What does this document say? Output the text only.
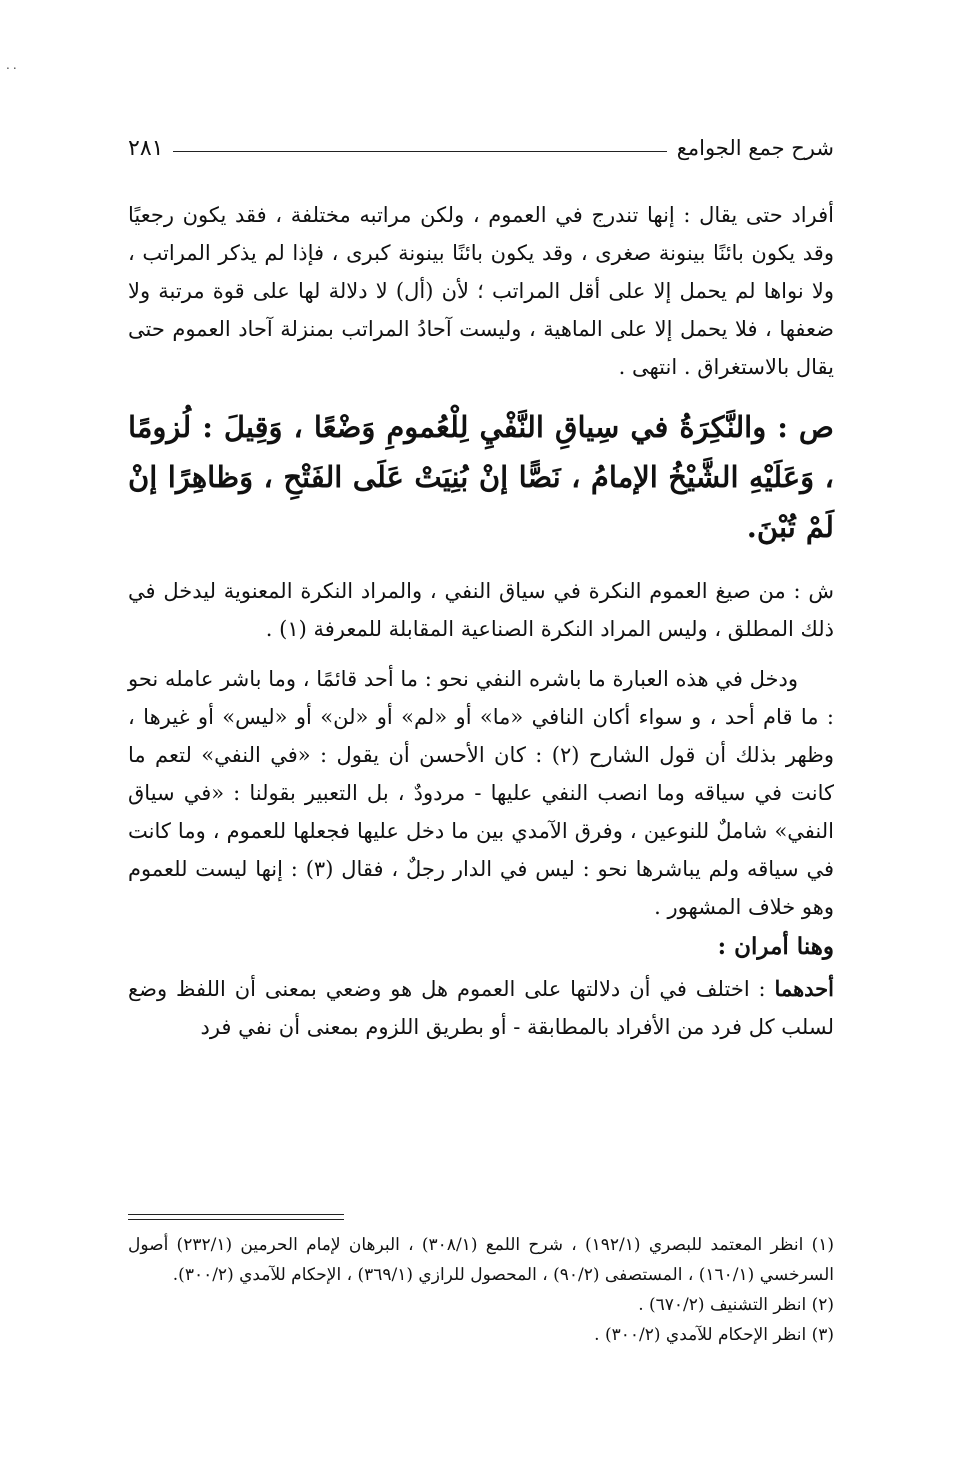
..
شرح جمع الجوامع
٢٨١

أفراد حتى يقال : إنها تندرج في العموم ، ولكن مراتبه مختلفة ، فقد يكون رجعيًا وقد يكون بائنًا بينونة صغرى ، وقد يكون بائنًا بينونة كبرى ، فإذا لم يذكر المراتب ، ولا نواها لم يحمل إلا على أقل المراتب ؛ لأن (أل) لا دلالة لها على قوة مرتبة ولا ضعفها ، فلا يحمل إلا على الماهية ، وليست آحادُ المراتب بمنزلة آحاد العموم حتى يقال بالاستغراق . انتهى .

ص : والنَّكِرَةُ في سِياقِ النَّفْيِ لِلْعُمومِ وَضْعًا ، وَقِيلَ : لُزومًا ، وَعَلَيْهِ الشَّيْخُ الإمامُ ، نَصًّا إنْ بُنِيَتْ عَلَى الفَتْحِ ، وَظاهِرًا إنْ لَمْ تُبْنَ.

ش : من صيغ العموم النكرة في سياق النفي ، والمراد النكرة المعنوية ليدخل في ذلك المطلق ، وليس المراد النكرة الصناعية المقابلة للمعرفة (١) .

ودخل في هذه العبارة ما باشره النفي نحو : ما أحد قائمًا ، وما باشر عامله نحو : ما قام أحد ، و سواء أكان النافي «ما» أو «لم» أو «لن» أو «ليس» أو غيرها ، وظهر بذلك أن قول الشارح (٢) : كان الأحسن أن يقول : «في النفي» لتعم ما كانت في سياقه وما انصب النفي عليها - مردودٌ ، بل التعبير بقولنا : «في سياق النفي» شاملٌ للنوعين ، وفرق الآمدي بين ما دخل عليها فجعلها للعموم ، وما كانت في سياقه ولم يباشرها نحو : ليس في الدار رجلٌ ، فقال (٣) : إنها ليست للعموم وهو خلاف المشهور .

وهنا أمران :

أحدهما : اختلف في أن دلالتها على العموم هل هو وضعي بمعنى أن اللفظ وضع لسلب كل فرد من الأفراد بالمطابقة - أو بطريق اللزوم بمعنى أن نفي فرد

(١) انظر المعتمد للبصري (١٩٢/١) ، شرح اللمع (٣٠٨/١) ، البرهان لإمام الحرمين (٢٣٢/١) أصول السرخسي (١٦٠/١) ، المستصفى (٩٠/٢) ، المحصول للرازي (٣٦٩/١) ، الإحكام للآمدي (٣٠٠/٢).

(٢) انظر التشنيف (٦٧٠/٢) .

(٣) انظر الإحكام للآمدي (٣٠٠/٢) .
